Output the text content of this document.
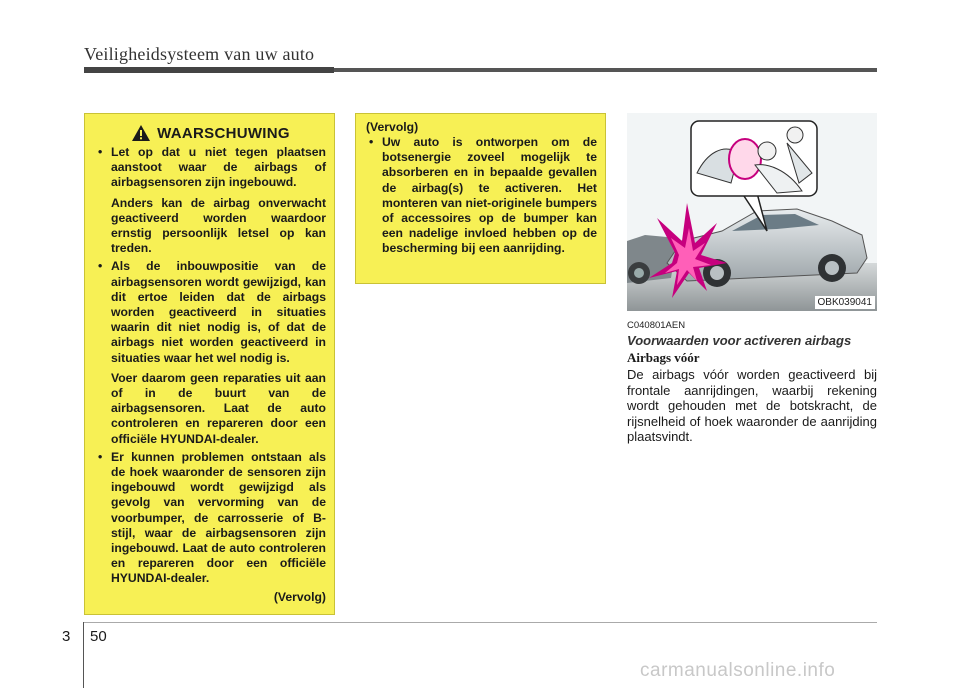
Veiligheidsysteem van uw auto
WAARSCHUWING
• Let op dat u niet tegen plaatsen aanstoot waar de airbags of airbagsensoren zijn ingebouwd.
Anders kan de airbag onverwacht geactiveerd worden waardoor ernstig persoonlijk letsel op kan treden.
• Als de inbouwpositie van de airbagsensoren wordt gewijzigd, kan dit ertoe leiden dat de airbags worden geactiveerd in situaties waarin dit niet nodig is, of dat de airbags niet worden geactiveerd in situaties waar het wel nodig is.
Voer daarom geen reparaties uit aan of in de buurt van de airbagsensoren. Laat de auto controleren en repareren door een officiële HYUNDAI-dealer.
• Er kunnen problemen ontstaan als de hoek waaronder de sensoren zijn ingebouwd wordt gewijzigd als gevolg van vervorming van de voorbumper, de carrosserie of B-stijl, waar de airbagsensoren zijn ingebouwd. Laat de auto controleren en repareren door een officiële HYUNDAI-dealer.
(Vervolg)
(Vervolg)
• Uw auto is ontworpen om de botsenergie zoveel mogelijk te absorberen en in bepaalde gevallen de airbag(s) te activeren. Het monteren van niet-originele bumpers of accessoires op de bumper kan een nadelige invloed hebben op de bescherming bij een aanrijding.
OBK039041
C040801AEN
Voorwaarden voor activeren airbags
Airbags vóór
De airbags vóór worden geactiveerd bij frontale aanrijdingen, waarbij rekening wordt gehouden met de botskracht, de rijsnelheid of hoek waaronder de aanrijding plaatsvindt.
3 50
carmanualsonline.info
